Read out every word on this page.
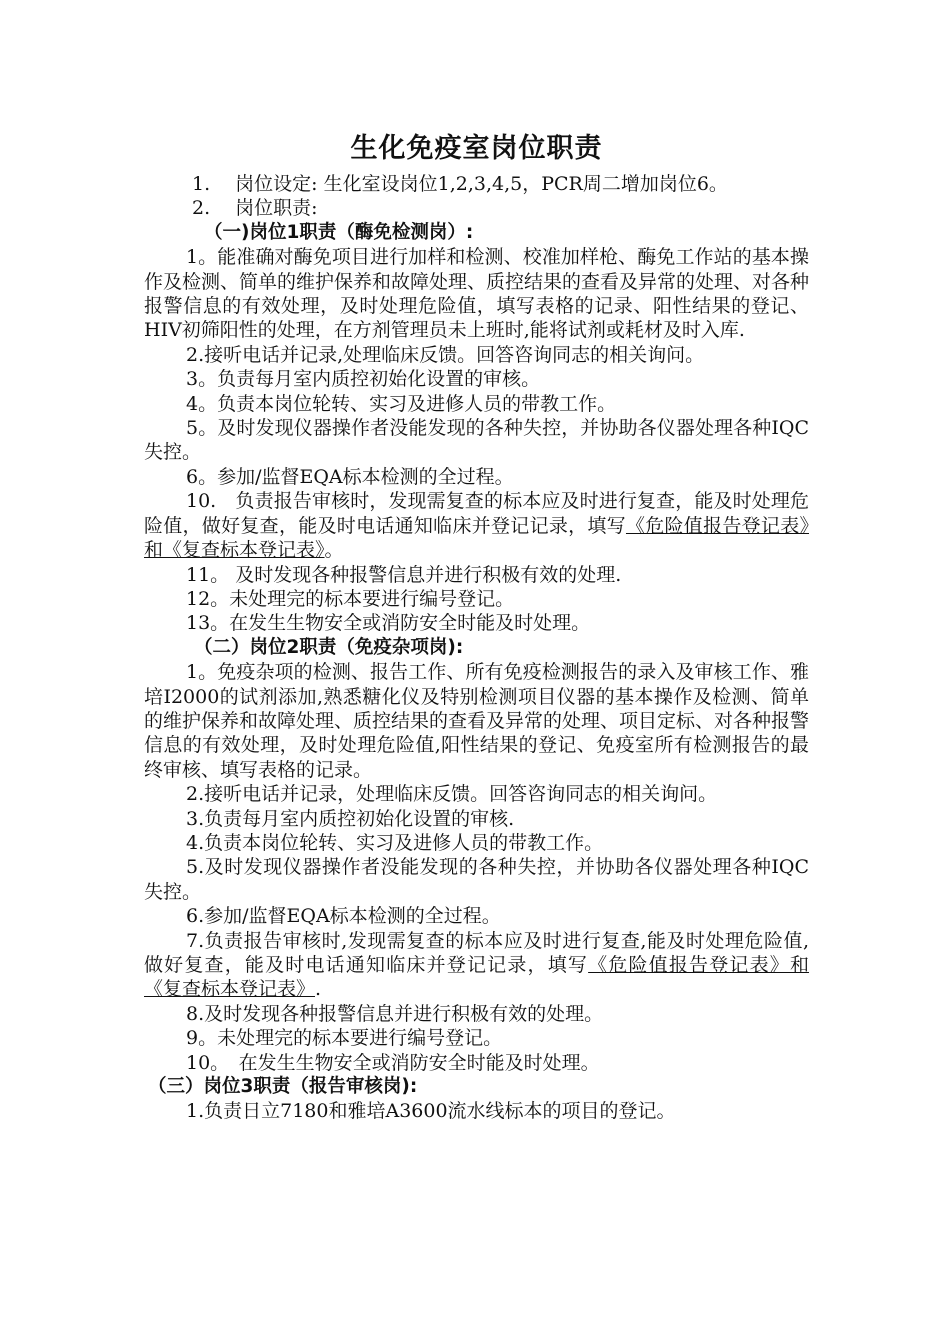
生化免疫室岗位职责

1.　 岗位设定: 生化室设岗位1,2,3,4,5，PCR周二增加岗位6。

2.　 岗位职责:

（一)岗位1职责（酶免检测岗）:

1。能准确对酶免项目进行加样和检测、校准加样枪、酶免工作站的基本操作及检测、简单的维护保养和故障处理、质控结果的查看及异常的处理、对各种报警信息的有效处理，及时处理危险值，填写表格的记录、阳性结果的登记、HIV初筛阳性的处理，在方剂管理员未上班时,能将试剂或耗材及时入库.

2.接听电话并记录,处理临床反馈。回答咨询同志的相关询问。

3。负责每月室内质控初始化设置的审核。

4。负责本岗位轮转、实习及进修人员的带教工作。

5。及时发现仪器操作者没能发现的各种失控，并协助各仪器处理各种IQC失控。

6。参加/监督EQA标本检测的全过程。

10.　负责报告审核时，发现需复查的标本应及时进行复查，能及时处理危险值，做好复查，能及时电话通知临床并登记记录，填写《危险值报告登记表》和《复查标本登记表》。

11。 及时发现各种报警信息并进行积极有效的处理.

12。未处理完的标本要进行编号登记。

13。在发生生物安全或消防安全时能及时处理。

（二）岗位2职责（免疫杂项岗):

1。免疫杂项的检测、报告工作、所有免疫检测报告的录入及审核工作、雅培I2000的试剂添加,熟悉糖化仪及特别检测项目仪器的基本操作及检测、简单的维护保养和故障处理、质控结果的查看及异常的处理、项目定标、对各种报警信息的有效处理，及时处理危险值,阳性结果的登记、免疫室所有检测报告的最终审核、填写表格的记录。

2.接听电话并记录，处理临床反馈。回答咨询同志的相关询问。

3.负责每月室内质控初始化设置的审核.

4.负责本岗位轮转、实习及进修人员的带教工作。

5.及时发现仪器操作者没能发现的各种失控，并协助各仪器处理各种IQC失控。

6.参加/监督EQA标本检测的全过程。

7.负责报告审核时,发现需复查的标本应及时进行复查,能及时处理危险值,做好复查，能及时电话通知临床并登记记录，填写《危险值报告登记表》和《复查标本登记表》.

8.及时发现各种报警信息并进行积极有效的处理。

9。未处理完的标本要进行编号登记。

10。　在发生生物安全或消防安全时能及时处理。

（三）岗位3职责（报告审核岗):

1.负责日立7180和雅培A3600流水线标本的项目的登记。
